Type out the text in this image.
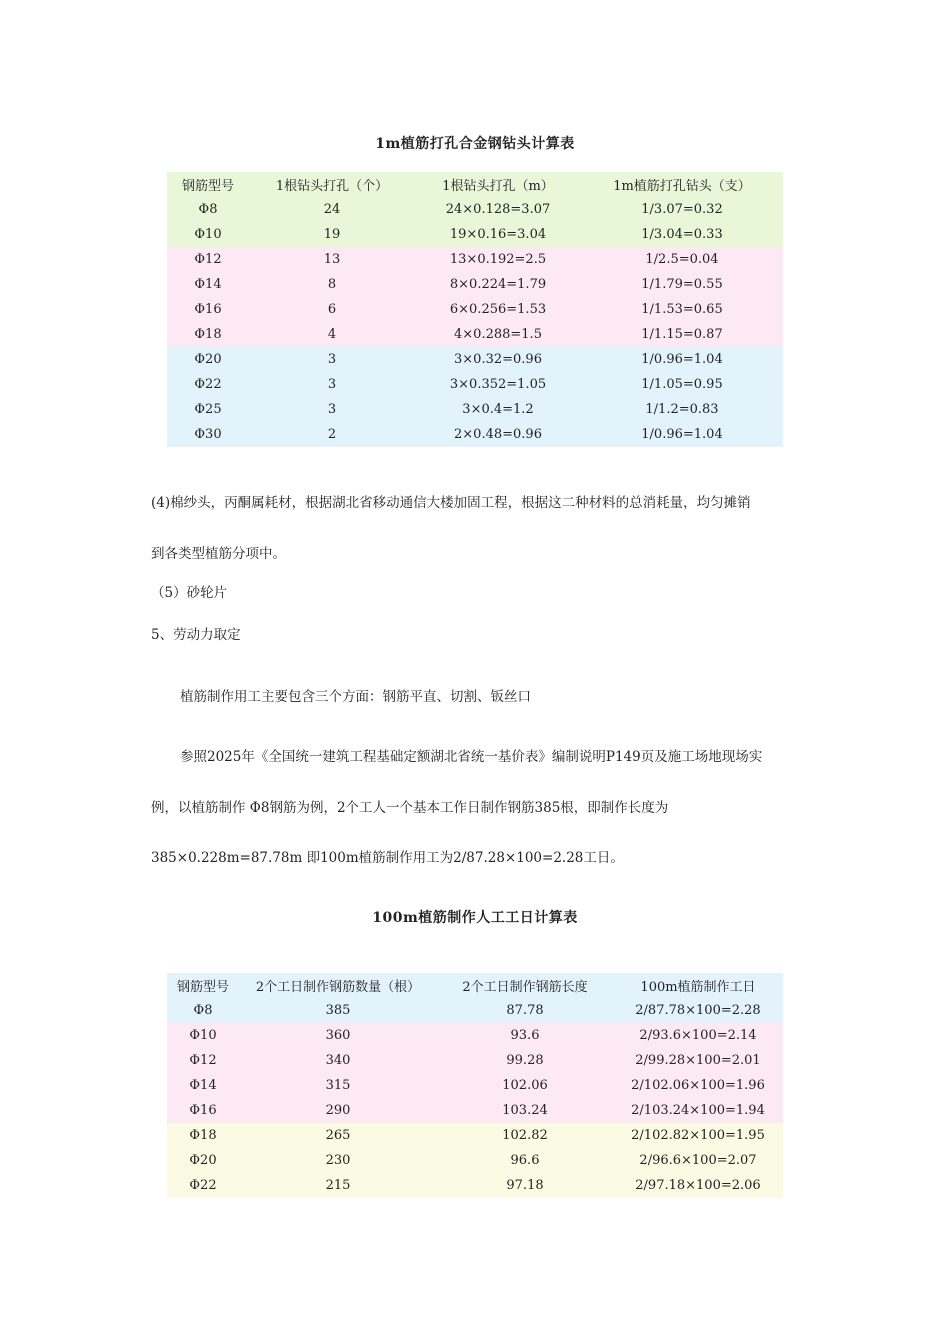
1m植筋打孔合金钢钻头计算表
钢筋型号	1根钻头打孔（个）	1根钻头打孔（m）	1m植筋打孔钻头（支）
Φ8	24	24×0.128=3.07	1/3.07=0.32
Φ10	19	19×0.16=3.04	1/3.04=0.33
Φ12	13	13×0.192=2.5	1/2.5=0.04
Φ14	8	8×0.224=1.79	1/1.79=0.55
Φ16	6	6×0.256=1.53	1/1.53=0.65
Φ18	4	4×0.288=1.5	1/1.15=0.87
Φ20	3	3×0.32=0.96	1/0.96=1.04
Φ22	3	3×0.352=1.05	1/1.05=0.95
Φ25	3	3×0.4=1.2	1/1.2=0.83
Φ30	2	2×0.48=0.96	1/0.96=1.04

(4)棉纱头，丙酮属耗材，根据湖北省移动通信大楼加固工程，根据这二种材料的总消耗量，均匀摊销

到各类型植筋分项中。

（5）砂轮片

5、劳动力取定

植筋制作用工主要包含三个方面：钢筋平直、切割、钣丝口

参照2025年《全国统一建筑工程基础定额湖北省统一基价表》编制说明P149页及施工场地现场实

例，以植筋制作 Φ8钢筋为例，2个工人一个基本工作日制作钢筋385根，即制作长度为

385×0.228m=87.78m 即100m植筋制作用工为2/87.28×100=2.28工日。

100m植筋制作人工工日计算表
钢筋型号	2个工日制作钢筋数量（根）	2个工日制作钢筋长度	100m植筋制作工日
Φ8	385	87.78	2/87.78×100=2.28
Φ10	360	93.6	2/93.6×100=2.14
Φ12	340	99.28	2/99.28×100=2.01
Φ14	315	102.06	2/102.06×100=1.96
Φ16	290	103.24	2/103.24×100=1.94
Φ18	265	102.82	2/102.82×100=1.95
Φ20	230	96.6	2/96.6×100=2.07
Φ22	215	97.18	2/97.18×100=2.06
